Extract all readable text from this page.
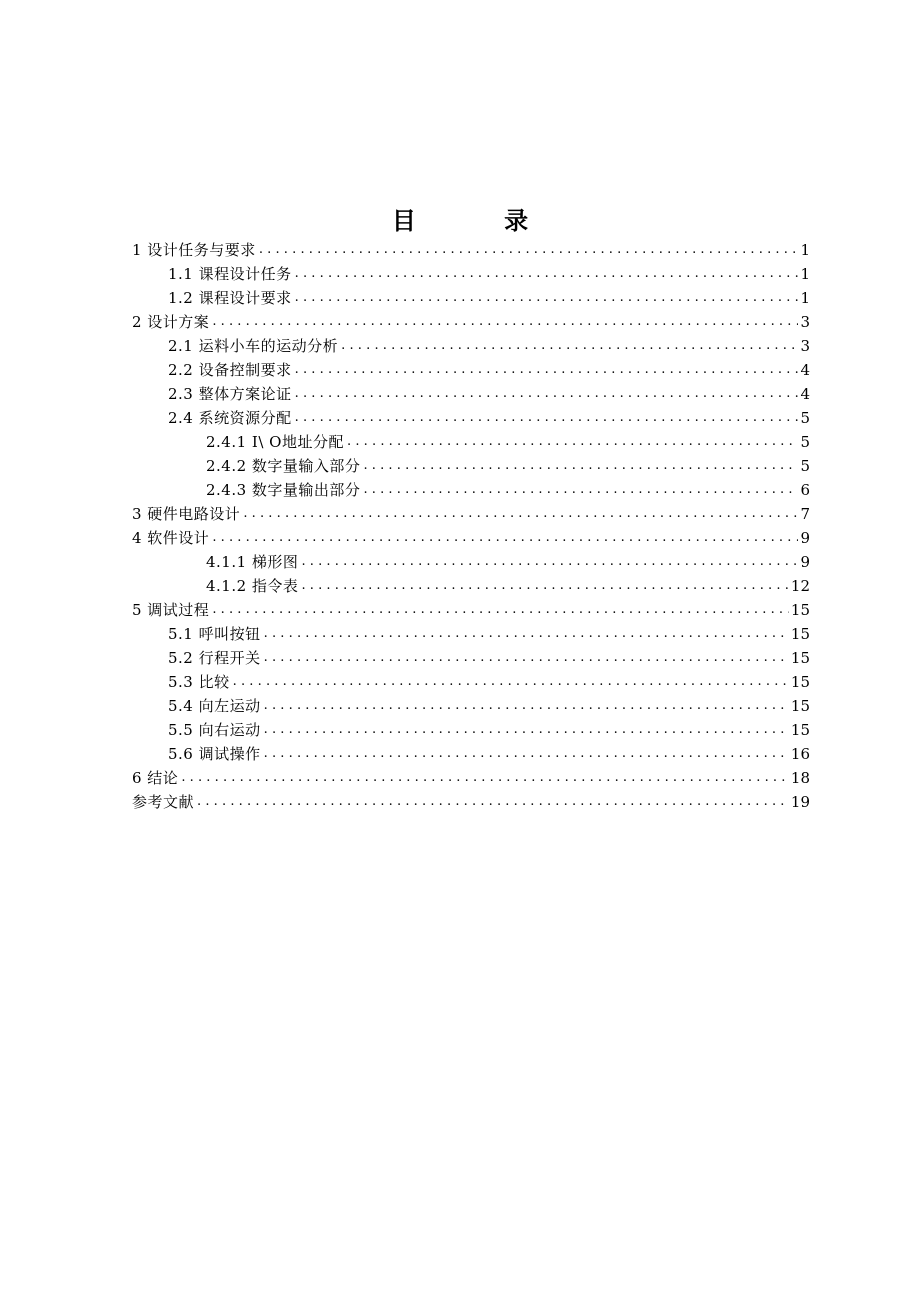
目 录
1 设计任务与要求 .....	1
1.1 课程设计任务 .....	1
1.2 课程设计要求 .....	1
2 设计方案 .....	3
2.1 运料小车的运动分析 .....	3
2.2 设备控制要求 .....	4
2.3 整体方案论证 .....	4
2.4 系统资源分配 .....	5
2.4.1 I\ O地址分配 .....	5
2.4.2 数字量输入部分 .....	5
2.4.3 数字量输出部分 .....	6
3 硬件电路设计 .....	7
4 软件设计 .....	9
4.1.1 梯形图 .....	9
4.1.2 指令表 .....	12
5 调试过程 .....	15
5.1 呼叫按钮 .....	15
5.2 行程开关 .....	15
5.3 比较 .....	15
5.4 向左运动 .....	15
5.5 向右运动 .....	15
5.6 调试操作 .....	16
6 结论 .....	18
参考文献 .....	19
